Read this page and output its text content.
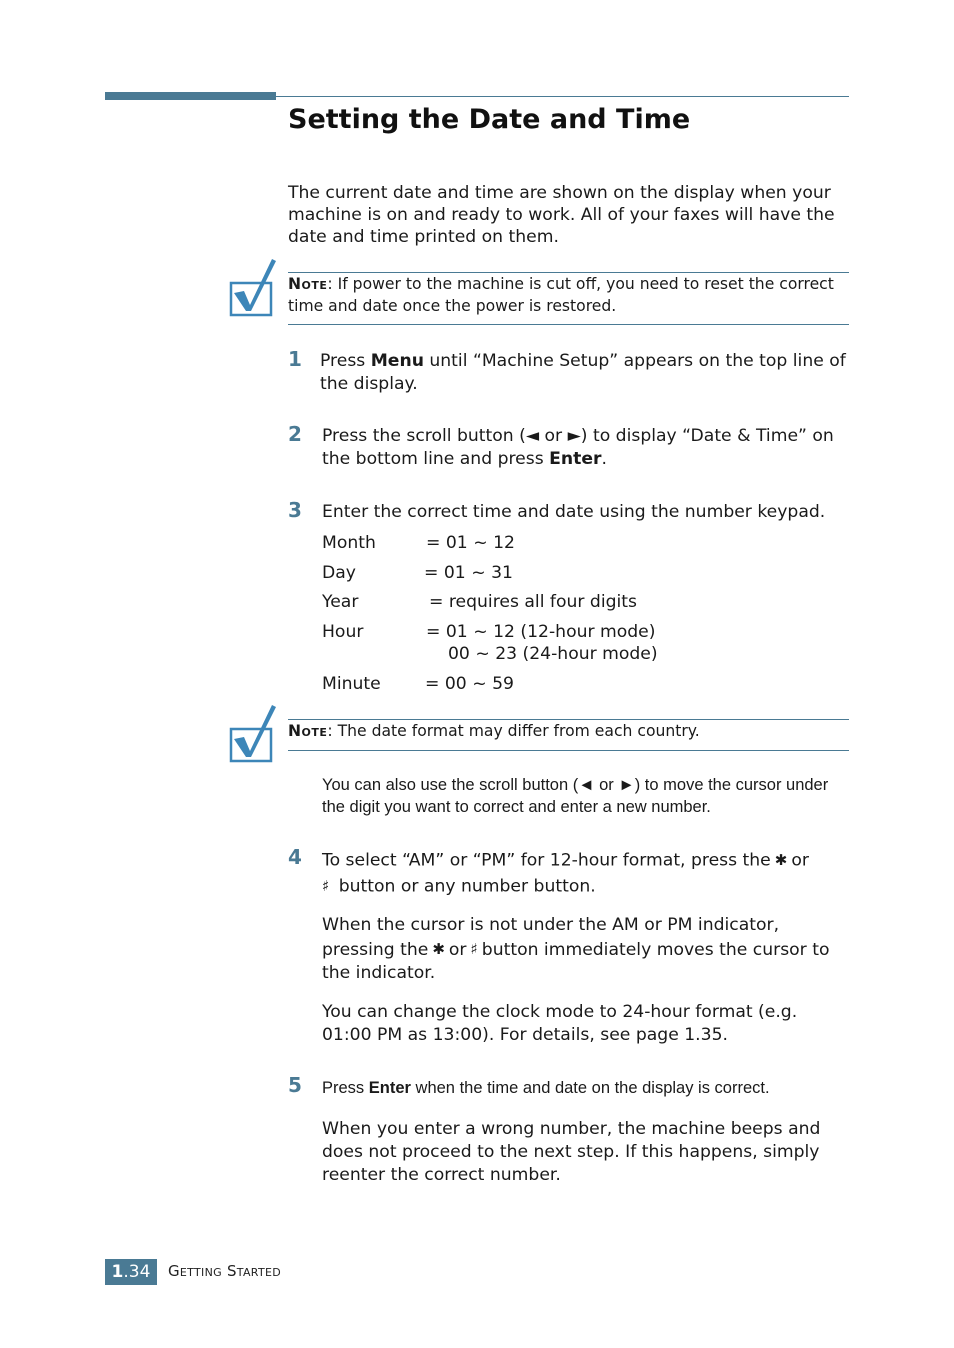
Setting the Date and Time
The current date and time are shown on the display when your machine is on and ready to work. All of your faxes will have the date and time printed on them.
Note: If power to the machine is cut off, you need to reset the correct time and date once the power is restored.
1 Press Menu until “Machine Setup” appears on the top line of the display.
2 Press the scroll button (◄ or ►) to display “Date & Time” on the bottom line and press Enter.
3 Enter the correct time and date using the number keypad.
Month	= 01 ~ 12
Day	= 01 ~ 31
Year	= requires all four digits
Hour	= 01 ~ 12 (12-hour mode)
00 ~ 23 (24-hour mode)
Minute	= 00 ~ 59
Note: The date format may differ from each country.
You can also use the scroll button (◄ or ►) to move the cursor under the digit you want to correct and enter a new number.
4 To select “AM” or “PM” for 12-hour format, press the ✱ or
♯ button or any number button.
When the cursor is not under the AM or PM indicator, pressing the ✱ or ♯ button immediately moves the cursor to the indicator.
You can change the clock mode to 24-hour format (e.g. 01:00 PM as 13:00). For details, see page 1.35.
5 Press Enter when the time and date on the display is correct.
When you enter a wrong number, the machine beeps and does not proceed to the next step. If this happens, simply reenter the correct number.
1.34	Getting Started
